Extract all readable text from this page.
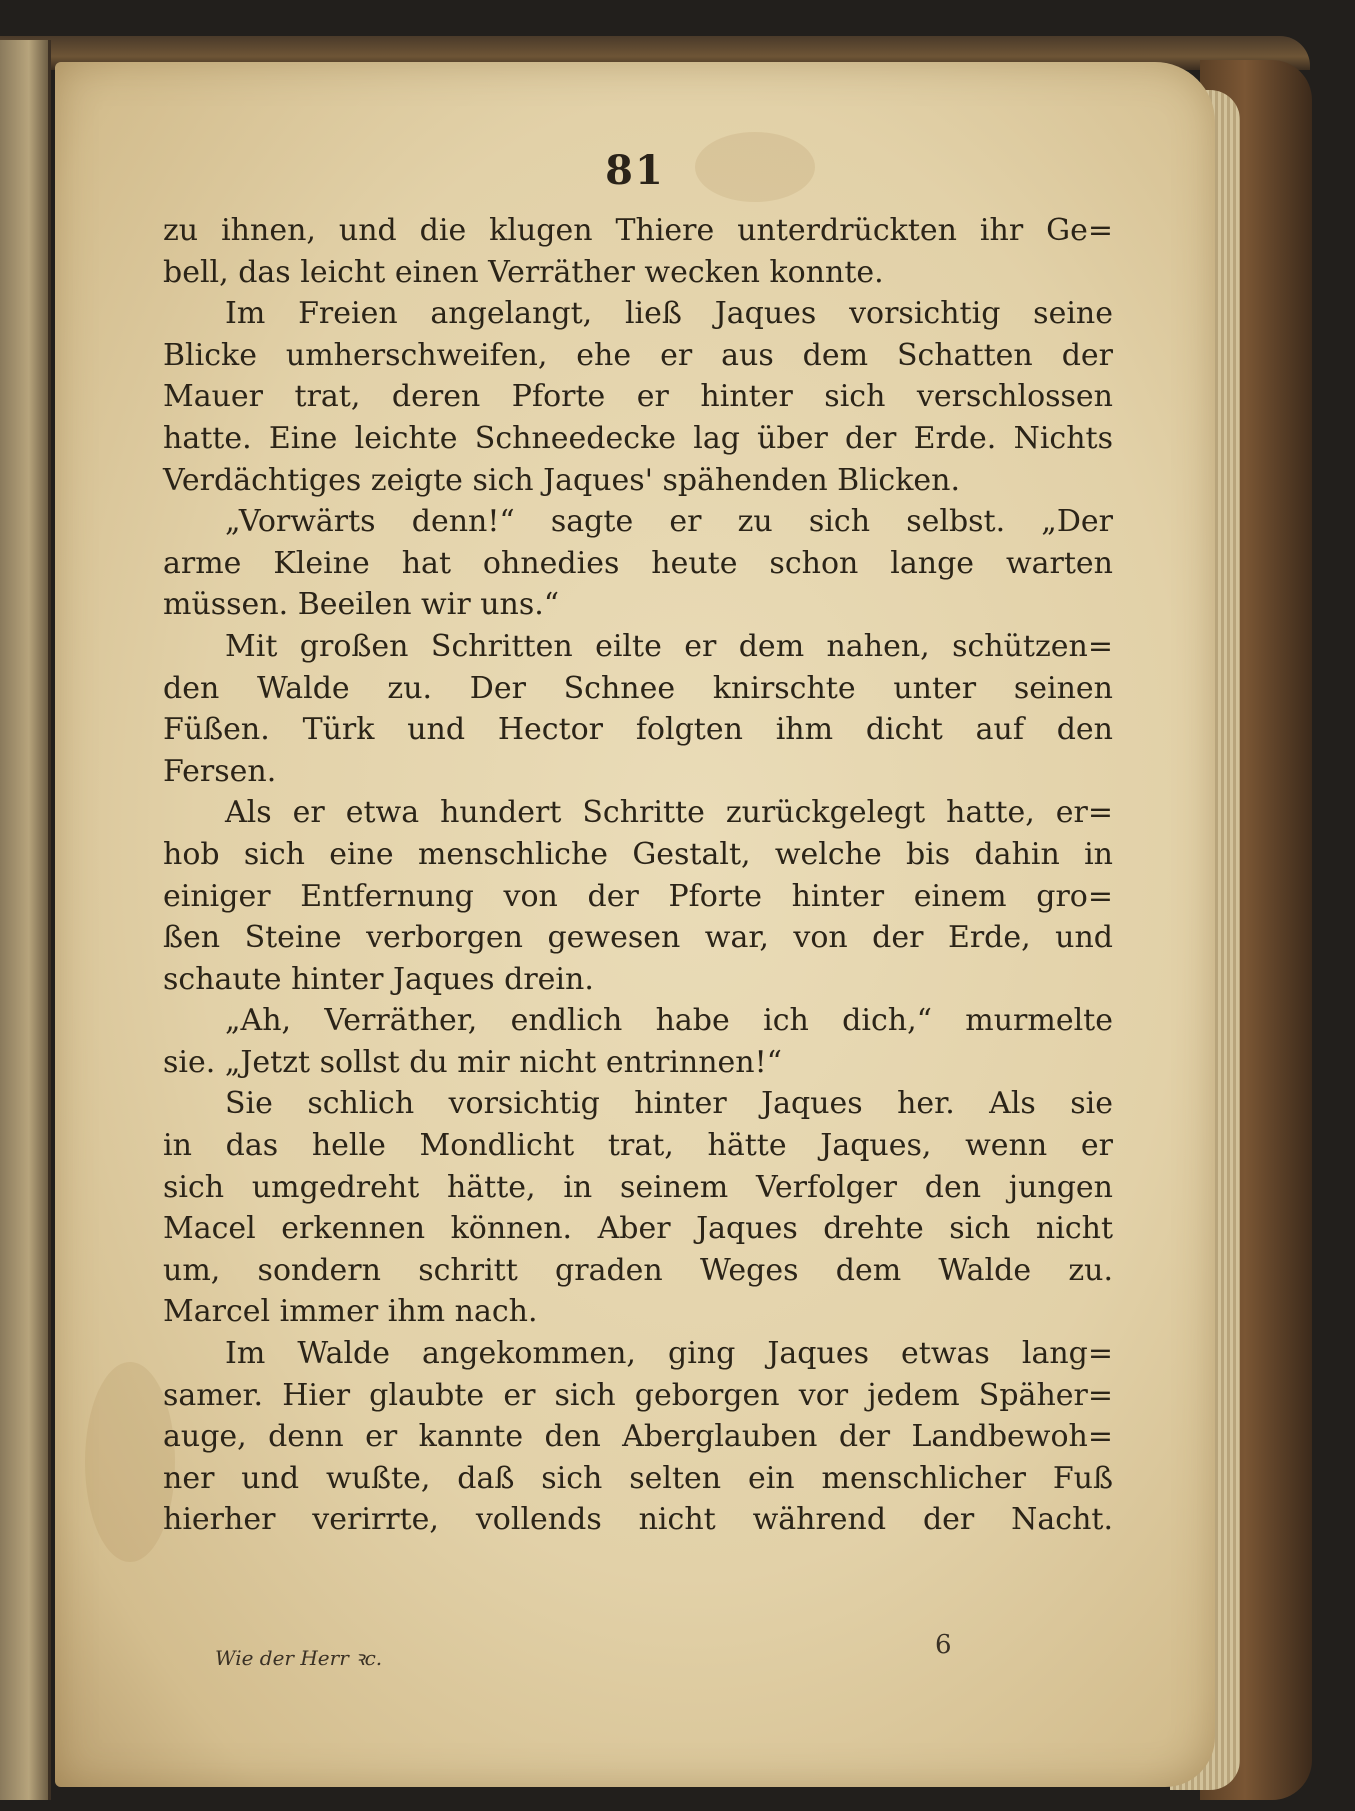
81
zu ihnen, und die klugen Thiere unterdrückten ihr Ge=
bell, das leicht einen Verräther wecken konnte.
Im Freien angelangt, ließ Jaques vorsichtig seine
Blicke umherschweifen, ehe er aus dem Schatten der
Mauer trat, deren Pforte er hinter sich verschlossen
hatte. Eine leichte Schneedecke lag über der Erde. Nichts
Verdächtiges zeigte sich Jaques' spähenden Blicken.
„Vorwärts denn!“ sagte er zu sich selbst. „Der
arme Kleine hat ohnedies heute schon lange warten
müssen. Beeilen wir uns.“
Mit großen Schritten eilte er dem nahen, schützen=
den Walde zu. Der Schnee knirschte unter seinen
Füßen. Türk und Hector folgten ihm dicht auf den
Fersen.
Als er etwa hundert Schritte zurückgelegt hatte, er=
hob sich eine menschliche Gestalt, welche bis dahin in
einiger Entfernung von der Pforte hinter einem gro=
ßen Steine verborgen gewesen war, von der Erde, und
schaute hinter Jaques drein.
„Ah, Verräther, endlich habe ich dich,“ murmelte
sie. „Jetzt sollst du mir nicht entrinnen!“
Sie schlich vorsichtig hinter Jaques her. Als sie
in das helle Mondlicht trat, hätte Jaques, wenn er
sich umgedreht hätte, in seinem Verfolger den jungen
Macel erkennen können. Aber Jaques drehte sich nicht
um, sondern schritt graden Weges dem Walde zu.
Marcel immer ihm nach.
Im Walde angekommen, ging Jaques etwas lang=
samer. Hier glaubte er sich geborgen vor jedem Späher=
auge, denn er kannte den Aberglauben der Landbewoh=
ner und wußte, daß sich selten ein menschlicher Fuß
hierher verirrte, vollends nicht während der Nacht.
Wie der Herr ꝛc.	6
